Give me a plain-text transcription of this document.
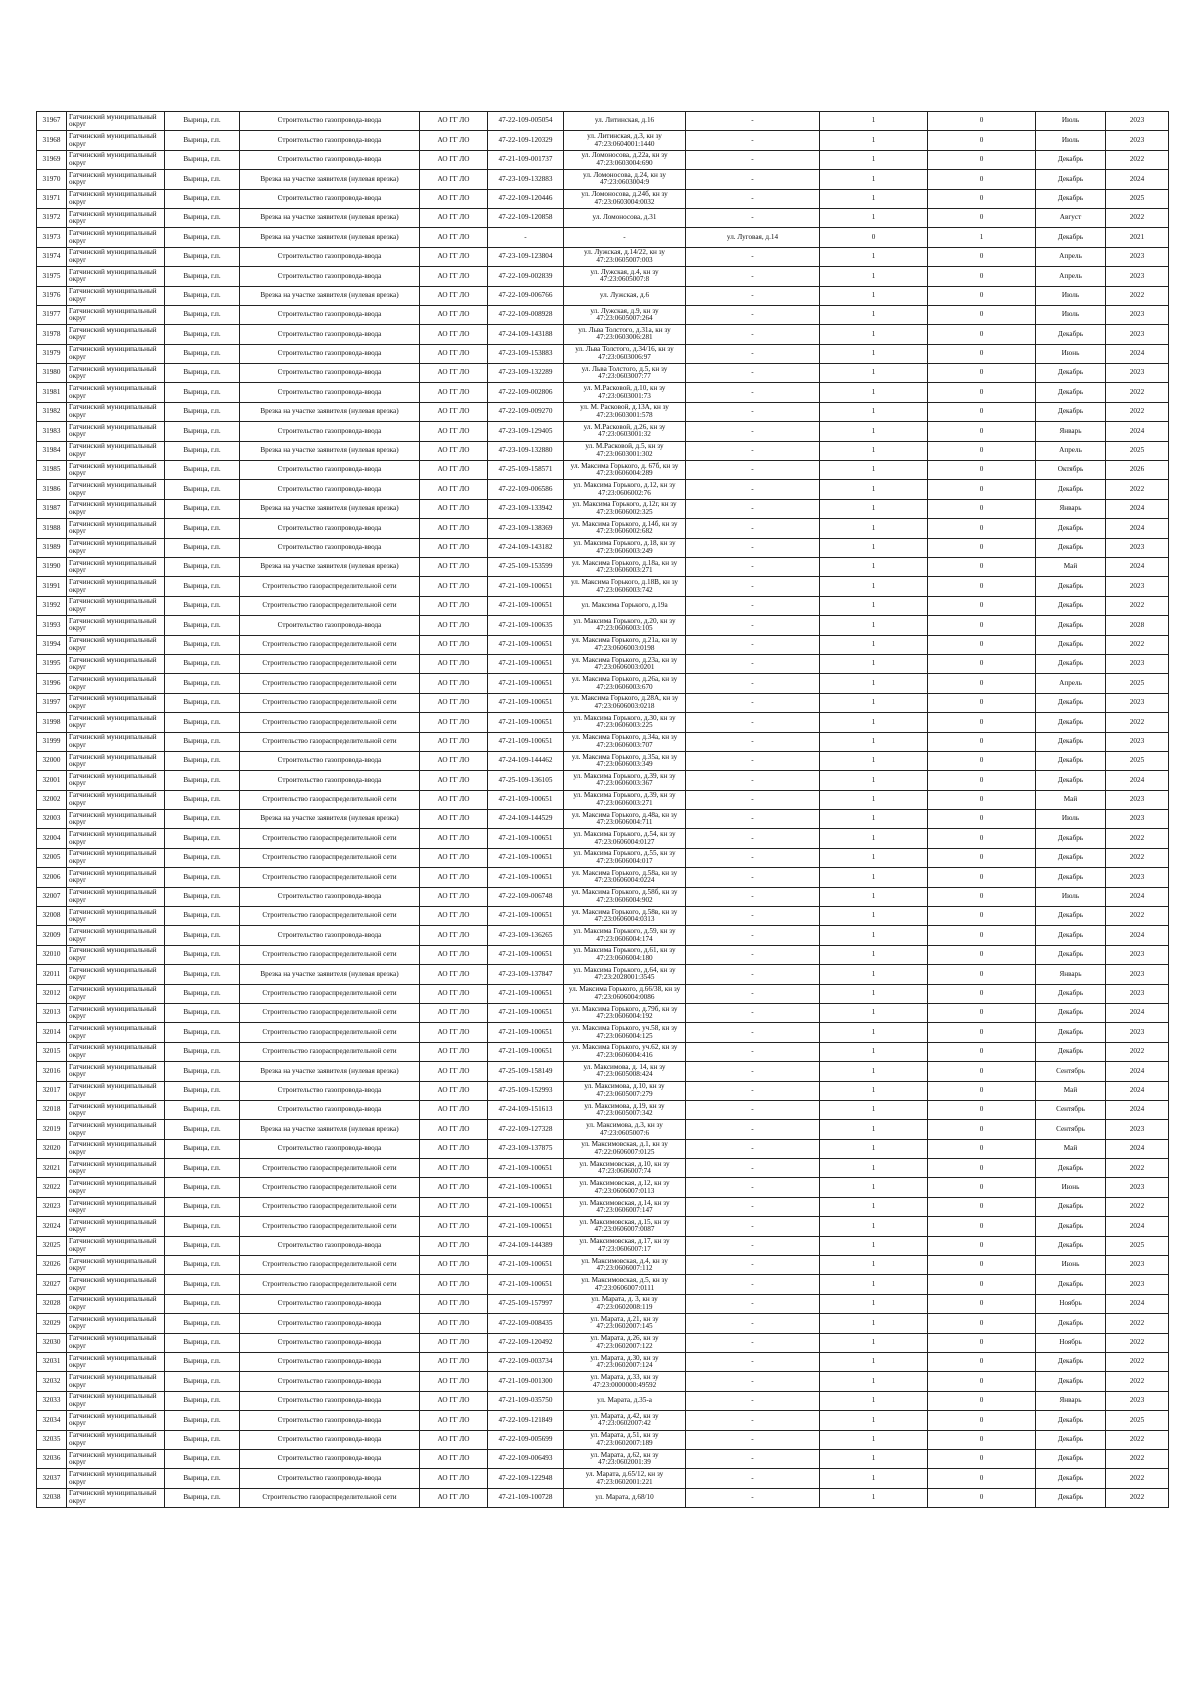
31967	Гатчинский муниципальный округ	Вырица, г.п.	Строительство газопровода-ввода	АО ГГ ЛО	47-22-109-005054	ул. Литинская, д.16	-	1	0	Июль	2023
31968	Гатчинский муниципальный округ	Вырица, г.п.	Строительство газопровода-ввода	АО ГГ ЛО	47-22-109-120329	ул. Литинская, д.3, кн зу 47:23:0604001:1440	-	1	0	Июль	2023
31969	Гатчинский муниципальный округ	Вырица, г.п.	Строительство газопровода-ввода	АО ГГ ЛО	47-21-109-001737	ул. Ломоносова, д.22а, кн зу 47:23:0603004:690	-	1	0	Декабрь	2022
31970	Гатчинский муниципальный округ	Вырица, г.п.	Врезка на участке заявителя (нулевая врезка)	АО ГГ ЛО	47-23-109-132883	ул. Ломоносова, д.24, кн зу 47:23:0603004:9	-	1	0	Декабрь	2024
31971	Гатчинский муниципальный округ	Вырица, г.п.	Строительство газопровода-ввода	АО ГГ ЛО	47-22-109-120446	ул. Ломоносова, д.24б, кн зу 47:23:0603004:0032	-	1	0	Декабрь	2025
31972	Гатчинский муниципальный округ	Вырица, г.п.	Врезка на участке заявителя (нулевая врезка)	АО ГГ ЛО	47-22-109-120858	ул. Ломоносова, д.31	-	1	0	Август	2022
31973	Гатчинский муниципальный округ	Вырица, г.п.	Врезка на участке заявителя (нулевая врезка)	АО ГГ ЛО	-	-	ул. Луговая, д.14	0	1	Декабрь	2021
31974	Гатчинский муниципальный округ	Вырица, г.п.	Строительство газопровода-ввода	АО ГГ ЛО	47-23-109-123804	ул. Лужская, д.14/22, кн зу 47:23:0605007:003	-	1	0	Апрель	2023
31975	Гатчинский муниципальный округ	Вырица, г.п.	Строительство газопровода-ввода	АО ГГ ЛО	47-22-109-002839	ул. Лужская, д.4, кн зу 47:23:0605007:8	-	1	0	Апрель	2023
31976	Гатчинский муниципальный округ	Вырица, г.п.	Врезка на участке заявителя (нулевая врезка)	АО ГГ ЛО	47-22-109-006766	ул. Лужская, д.6	-	1	0	Июль	2022
31977	Гатчинский муниципальный округ	Вырица, г.п.	Строительство газопровода-ввода	АО ГГ ЛО	47-22-109-008928	ул. Лужская, д.9, кн зу 47:23:0605007:264	-	1	0	Июль	2023
31978	Гатчинский муниципальный округ	Вырица, г.п.	Строительство газопровода-ввода	АО ГГ ЛО	47-24-109-143188	ул. Льва Толстого, д.31а, кн зу 47:23:0603006:281	-	1	0	Декабрь	2023
31979	Гатчинский муниципальный округ	Вырица, г.п.	Строительство газопровода-ввода	АО ГГ ЛО	47-23-109-153883	ул. Льва Толстого, д.34/16, кн зу 47:23:0603006:97	-	1	0	Июнь	2024
31980	Гатчинский муниципальный округ	Вырица, г.п.	Строительство газопровода-ввода	АО ГГ ЛО	47-23-109-132289	ул. Льва Толстого, д.5, кн зу 47:23:0603007:77	-	1	0	Декабрь	2023
31981	Гатчинский муниципальный округ	Вырица, г.п.	Строительство газопровода-ввода	АО ГГ ЛО	47-22-109-002806	ул. М.Расковой, д.10, кн зу 47:23:0603001:73	-	1	0	Декабрь	2022
31982	Гатчинский муниципальный округ	Вырица, г.п.	Врезка на участке заявителя (нулевая врезка)	АО ГГ ЛО	47-22-109-009270	ул. М. Расковой, д.13А, кн зу 47:23:0603001:578	-	1	0	Декабрь	2022
31983	Гатчинский муниципальный округ	Вырица, г.п.	Строительство газопровода-ввода	АО ГГ ЛО	47-23-109-129405	ул. М.Расковой, д.26, кн зу 47:23:0603001:32	-	1	0	Январь	2024
31984	Гатчинский муниципальный округ	Вырица, г.п.	Врезка на участке заявителя (нулевая врезка)	АО ГГ ЛО	47-23-109-132880	ул. М.Расковой, д.5, кн зу 47:23:0603001:302	-	1	0	Апрель	2025
31985	Гатчинский муниципальный округ	Вырица, г.п.	Строительство газопровода-ввода	АО ГГ ЛО	47-25-109-158571	ул. Максима Горького, д. 67б, кн зу 47:23:0606004:289	-	1	0	Октябрь	2026
31986	Гатчинский муниципальный округ	Вырица, г.п.	Строительство газопровода-ввода	АО ГГ ЛО	47-22-109-006586	ул. Максима Горького, д.12, кн зу 47:23:0606002:76	-	1	0	Декабрь	2022
31987	Гатчинский муниципальный округ	Вырица, г.п.	Врезка на участке заявителя (нулевая врезка)	АО ГГ ЛО	47-23-109-133942	ул. Максима Горького, д.12г, кн зу 47:23:0606002:325	-	1	0	Январь	2024
31988	Гатчинский муниципальный округ	Вырица, г.п.	Строительство газопровода-ввода	АО ГГ ЛО	47-23-109-138369	ул. Максима Горького, д.14б, кн зу 47:23:0606002:682	-	1	0	Декабрь	2024
31989	Гатчинский муниципальный округ	Вырица, г.п.	Строительство газопровода-ввода	АО ГГ ЛО	47-24-109-143182	ул. Максима Горького, д.18, кн зу 47:23:0606003:249	-	1	0	Декабрь	2023
31990	Гатчинский муниципальный округ	Вырица, г.п.	Врезка на участке заявителя (нулевая врезка)	АО ГГ ЛО	47-25-109-153599	ул. Максима Горького, д.18а, кн зу 47:23:0606003:271	-	1	0	Май	2024
31991	Гатчинский муниципальный округ	Вырица, г.п.	Строительство газораспределительной сети	АО ГГ ЛО	47-21-109-100651	ул. Максима Горького, д.18В, кн зу 47:23:0606003:742	-	1	0	Декабрь	2023
31992	Гатчинский муниципальный округ	Вырица, г.п.	Строительство газораспределительной сети	АО ГГ ЛО	47-21-109-100651	ул. Максима Горького, д.19а	-	1	0	Декабрь	2022
31993	Гатчинский муниципальный округ	Вырица, г.п.	Строительство газопровода-ввода	АО ГГ ЛО	47-21-109-100635	ул. Максима Горького, д.20, кн зу 47:23:0606003:105	-	1	0	Декабрь	2028
31994	Гатчинский муниципальный округ	Вырица, г.п.	Строительство газораспределительной сети	АО ГГ ЛО	47-21-109-100651	ул. Максима Горького, д.21а, кн зу 47:23:0606003:0198	-	1	0	Декабрь	2022
31995	Гатчинский муниципальный округ	Вырица, г.п.	Строительство газораспределительной сети	АО ГГ ЛО	47-21-109-100651	ул. Максима Горького, д.23а, кн зу 47:23:0606003:0201	-	1	0	Декабрь	2023
31996	Гатчинский муниципальный округ	Вырица, г.п.	Строительство газораспределительной сети	АО ГГ ЛО	47-21-109-100651	ул. Максима Горького, д.26а, кн зу 47:23:0606003:670	-	1	0	Апрель	2025
31997	Гатчинский муниципальный округ	Вырица, г.п.	Строительство газораспределительной сети	АО ГГ ЛО	47-21-109-100651	ул. Максима Горького, д.28А, кн зу 47:23:0606003:0218	-	1	0	Декабрь	2023
31998	Гатчинский муниципальный округ	Вырица, г.п.	Строительство газораспределительной сети	АО ГГ ЛО	47-21-109-100651	ул. Максима Горького, д.30, кн зу 47:23:0606003:225	-	1	0	Декабрь	2022
31999	Гатчинский муниципальный округ	Вырица, г.п.	Строительство газораспределительной сети	АО ГГ ЛО	47-21-109-100651	ул. Максима Горького, д.34а, кн зу 47:23:0606003:707	-	1	0	Декабрь	2023
32000	Гатчинский муниципальный округ	Вырица, г.п.	Строительство газопровода-ввода	АО ГГ ЛО	47-24-109-144462	ул. Максима Горького, д.35а, кн зу 47:23:0606003:349	-	1	0	Декабрь	2025
32001	Гатчинский муниципальный округ	Вырица, г.п.	Строительство газопровода-ввода	АО ГГ ЛО	47-25-109-136105	ул. Максима Горького, д.39, кн зу 47:23:0606003:367	-	1	0	Декабрь	2024
32002	Гатчинский муниципальный округ	Вырица, г.п.	Строительство газораспределительной сети	АО ГГ ЛО	47-21-109-100651	ул. Максима Горького, д.39, кн зу 47:23:0606003:271	-	1	0	Май	2023
32003	Гатчинский муниципальный округ	Вырица, г.п.	Врезка на участке заявителя (нулевая врезка)	АО ГГ ЛО	47-24-109-144529	ул. Максима Горького, д.48а, кн зу 47:23:0606004:711	-	1	0	Июль	2023
32004	Гатчинский муниципальный округ	Вырица, г.п.	Строительство газораспределительной сети	АО ГГ ЛО	47-21-109-100651	ул. Максима Горького, д.54, кн зу 47:23:0606004:0127	-	1	0	Декабрь	2022
32005	Гатчинский муниципальный округ	Вырица, г.п.	Строительство газораспределительной сети	АО ГГ ЛО	47-21-109-100651	ул. Максима Горького, д.55, кн зу 47:23:0606004:017	-	1	0	Декабрь	2022
32006	Гатчинский муниципальный округ	Вырица, г.п.	Строительство газораспределительной сети	АО ГГ ЛО	47-21-109-100651	ул. Максима Горького, д.58а, кн зу 47:23:0606004:0224	-	1	0	Декабрь	2023
32007	Гатчинский муниципальный округ	Вырица, г.п.	Строительство газопровода-ввода	АО ГГ ЛО	47-22-109-006748	ул. Максима Горького, д.58б, кн зу 47:23:0606004:902	-	1	0	Июль	2024
32008	Гатчинский муниципальный округ	Вырица, г.п.	Строительство газораспределительной сети	АО ГГ ЛО	47-21-109-100651	ул. Максима Горького, д.58в, кн зу 47:23:0606004:0313	-	1	0	Декабрь	2022
32009	Гатчинский муниципальный округ	Вырица, г.п.	Строительство газопровода-ввода	АО ГГ ЛО	47-23-109-136265	ул. Максима Горького, д.59, кн зу 47:23:0606004:174	-	1	0	Декабрь	2024
32010	Гатчинский муниципальный округ	Вырица, г.п.	Строительство газораспределительной сети	АО ГГ ЛО	47-21-109-100651	ул. Максима Горького, д.61, кн зу 47:23:0606004:180	-	1	0	Декабрь	2023
32011	Гатчинский муниципальный округ	Вырица, г.п.	Врезка на участке заявителя (нулевая врезка)	АО ГГ ЛО	47-23-109-137847	ул. Максима Горького, д.64, кн зу 47:23:2028001:3545	-	1	0	Январь	2023
32012	Гатчинский муниципальный округ	Вырица, г.п.	Строительство газораспределительной сети	АО ГГ ЛО	47-21-109-100651	ул. Максима Горького, д.66/38, кн зу 47:23:0606004:0086	-	1	0	Декабрь	2023
32013	Гатчинский муниципальный округ	Вырица, г.п.	Строительство газораспределительной сети	АО ГГ ЛО	47-21-109-100651	ул. Максима Горького, д.79б, кн зу 47:23:0606004:192	-	1	0	Декабрь	2024
32014	Гатчинский муниципальный округ	Вырица, г.п.	Строительство газораспределительной сети	АО ГГ ЛО	47-21-109-100651	ул. Максима Горького, уч.58, кн зу 47:23:0606004:125	-	1	0	Декабрь	2023
32015	Гатчинский муниципальный округ	Вырица, г.п.	Строительство газораспределительной сети	АО ГГ ЛО	47-21-109-100651	ул. Максима Горького, уч.62, кн зу 47:23:0606004:416	-	1	0	Декабрь	2022
32016	Гатчинский муниципальный округ	Вырица, г.п.	Врезка на участке заявителя (нулевая врезка)	АО ГГ ЛО	47-25-109-158149	ул. Максимова, д. 14, кн зу 47:23:0605008:424	-	1	0	Сентябрь	2024
32017	Гатчинский муниципальный округ	Вырица, г.п.	Строительство газопровода-ввода	АО ГГ ЛО	47-25-109-152993	ул. Максимова, д.10, кн зу 47:23:0605007:279	-	1	0	Май	2024
32018	Гатчинский муниципальный округ	Вырица, г.п.	Строительство газопровода-ввода	АО ГГ ЛО	47-24-109-151613	ул. Максимова, д.19, кн зу 47:23:0605007:342	-	1	0	Сентябрь	2024
32019	Гатчинский муниципальный округ	Вырица, г.п.	Врезка на участке заявителя (нулевая врезка)	АО ГГ ЛО	47-22-109-127328	ул. Максимова, д.3, кн зу 47:23:0605007:6	-	1	0	Сентябрь	2023
32020	Гатчинский муниципальный округ	Вырица, г.п.	Строительство газопровода-ввода	АО ГГ ЛО	47-23-109-137875	ул. Максимовская, д.1, кн зу 47:22:0606007:0125	-	1	0	Май	2024
32021	Гатчинский муниципальный округ	Вырица, г.п.	Строительство газораспределительной сети	АО ГГ ЛО	47-21-109-100651	ул. Максимовская, д.10, кн зу 47:23:0606007:74	-	1	0	Декабрь	2022
32022	Гатчинский муниципальный округ	Вырица, г.п.	Строительство газораспределительной сети	АО ГГ ЛО	47-21-109-100651	ул. Максимовская, д.12, кн зу 47:23:0606007:0113	-	1	0	Июнь	2023
32023	Гатчинский муниципальный округ	Вырица, г.п.	Строительство газораспределительной сети	АО ГГ ЛО	47-21-109-100651	ул. Максимовская, д.14, кн зу 47:23:0606007:147	-	1	0	Декабрь	2022
32024	Гатчинский муниципальный округ	Вырица, г.п.	Строительство газораспределительной сети	АО ГГ ЛО	47-21-109-100651	ул. Максимовская, д.15, кн зу 47:23:0606007:0087	-	1	0	Декабрь	2024
32025	Гатчинский муниципальный округ	Вырица, г.п.	Строительство газопровода-ввода	АО ГГ ЛО	47-24-109-144389	ул. Максимовская, д.17, кн зу 47:23:0606007:17	-	1	0	Декабрь	2025
32026	Гатчинский муниципальный округ	Вырица, г.п.	Строительство газораспределительной сети	АО ГГ ЛО	47-21-109-100651	ул. Максимовская, д.4, кн зу 47:23:0606007:112	-	1	0	Июнь	2023
32027	Гатчинский муниципальный округ	Вырица, г.п.	Строительство газораспределительной сети	АО ГГ ЛО	47-21-109-100651	ул. Максимовская, д.5, кн зу 47:23:0606007:0111	-	1	0	Декабрь	2023
32028	Гатчинский муниципальный округ	Вырица, г.п.	Строительство газопровода-ввода	АО ГГ ЛО	47-25-109-157997	ул. Марата, д. 3, кн зу 47:23:0602008:119	-	1	0	Ноябрь	2024
32029	Гатчинский муниципальный округ	Вырица, г.п.	Строительство газопровода-ввода	АО ГГ ЛО	47-22-109-008435	ул. Марата, д.21, кн зу 47:23:0602007:145	-	1	0	Декабрь	2022
32030	Гатчинский муниципальный округ	Вырица, г.п.	Строительство газопровода-ввода	АО ГГ ЛО	47-22-109-120492	ул. Марата, д.26, кн зу 47:23:0602007:122	-	1	0	Ноябрь	2022
32031	Гатчинский муниципальный округ	Вырица, г.п.	Строительство газопровода-ввода	АО ГГ ЛО	47-22-109-003734	ул. Марата, д.30, кн зу 47:23:0602007:124	-	1	0	Декабрь	2022
32032	Гатчинский муниципальный округ	Вырица, г.п.	Строительство газопровода-ввода	АО ГГ ЛО	47-21-109-001300	ул. Марата, д.33, кн зу 47:23:0000000:49592	-	1	0	Декабрь	2022
32033	Гатчинский муниципальный округ	Вырица, г.п.	Строительство газопровода-ввода	АО ГГ ЛО	47-21-109-035750	ул. Марата, д.35-а	-	1	0	Январь	2023
32034	Гатчинский муниципальный округ	Вырица, г.п.	Строительство газопровода-ввода	АО ГГ ЛО	47-22-109-121849	ул. Марата, д.42, кн зу 47:23:0602007:42	-	1	0	Декабрь	2025
32035	Гатчинский муниципальный округ	Вырица, г.п.	Строительство газопровода-ввода	АО ГГ ЛО	47-22-109-005699	ул. Марата, д.51, кн зу 47:23:0602007:189	-	1	0	Декабрь	2022
32036	Гатчинский муниципальный округ	Вырица, г.п.	Строительство газопровода-ввода	АО ГГ ЛО	47-22-109-006493	ул. Марата, д.62, кн зу 47:23:0602001:39	-	1	0	Декабрь	2022
32037	Гатчинский муниципальный округ	Вырица, г.п.	Строительство газопровода-ввода	АО ГГ ЛО	47-22-109-122948	ул. Марата, д.65/12, кн зу 47:23:0602001:221	-	1	0	Декабрь	2022
32038	Гатчинский муниципальный округ	Вырица, г.п.	Строительство газораспределительной сети	АО ГГ ЛО	47-21-109-100728	ул. Марата, д.68/10	-	1	0	Декабрь	2022
